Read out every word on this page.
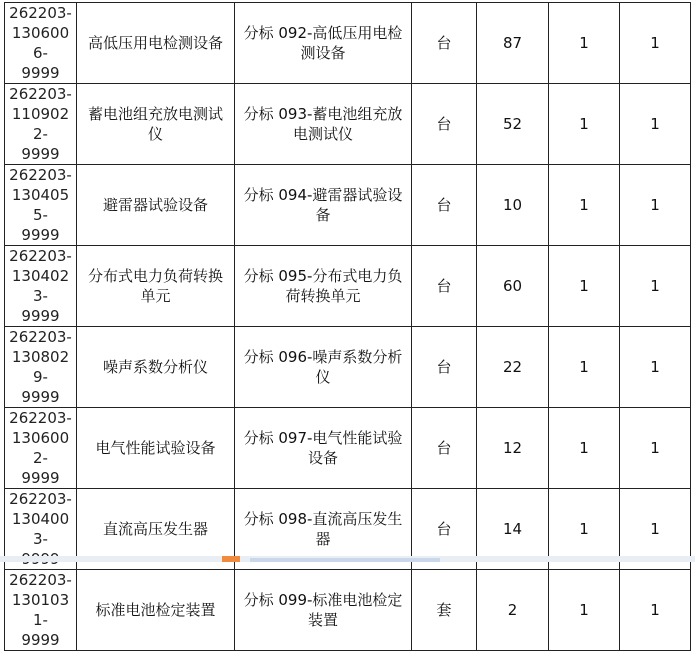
262203-
1306006-
9999	高低压用电检测设备	分标 092-高低压用电检测设备	台	87	1	1

262203-
1109022-
9999	蓄电池组充放电测试仪	分标 093-蓄电池组充放电测试仪	台	52	1	1

262203-
1304055-
9999	避雷器试验设备	分标 094-避雷器试验设备	台	10	1	1

262203-
1304023-
9999	分布式电力负荷转换单元	分标 095-分布式电力负荷转换单元	台	60	1	1

262203-
1308029-
9999	噪声系数分析仪	分标 096-噪声系数分析仪	台	22	1	1

262203-
1306002-
9999	电气性能试验设备	分标 097-电气性能试验设备	台	12	1	1

262203-
1304003-	直流高压发生器	分标 098-直流高压发生器	台	14	1	1

262203-
1301031-
9999	标准电池检定装置	分标 099-标准电池检定装置	套	2	1	1
